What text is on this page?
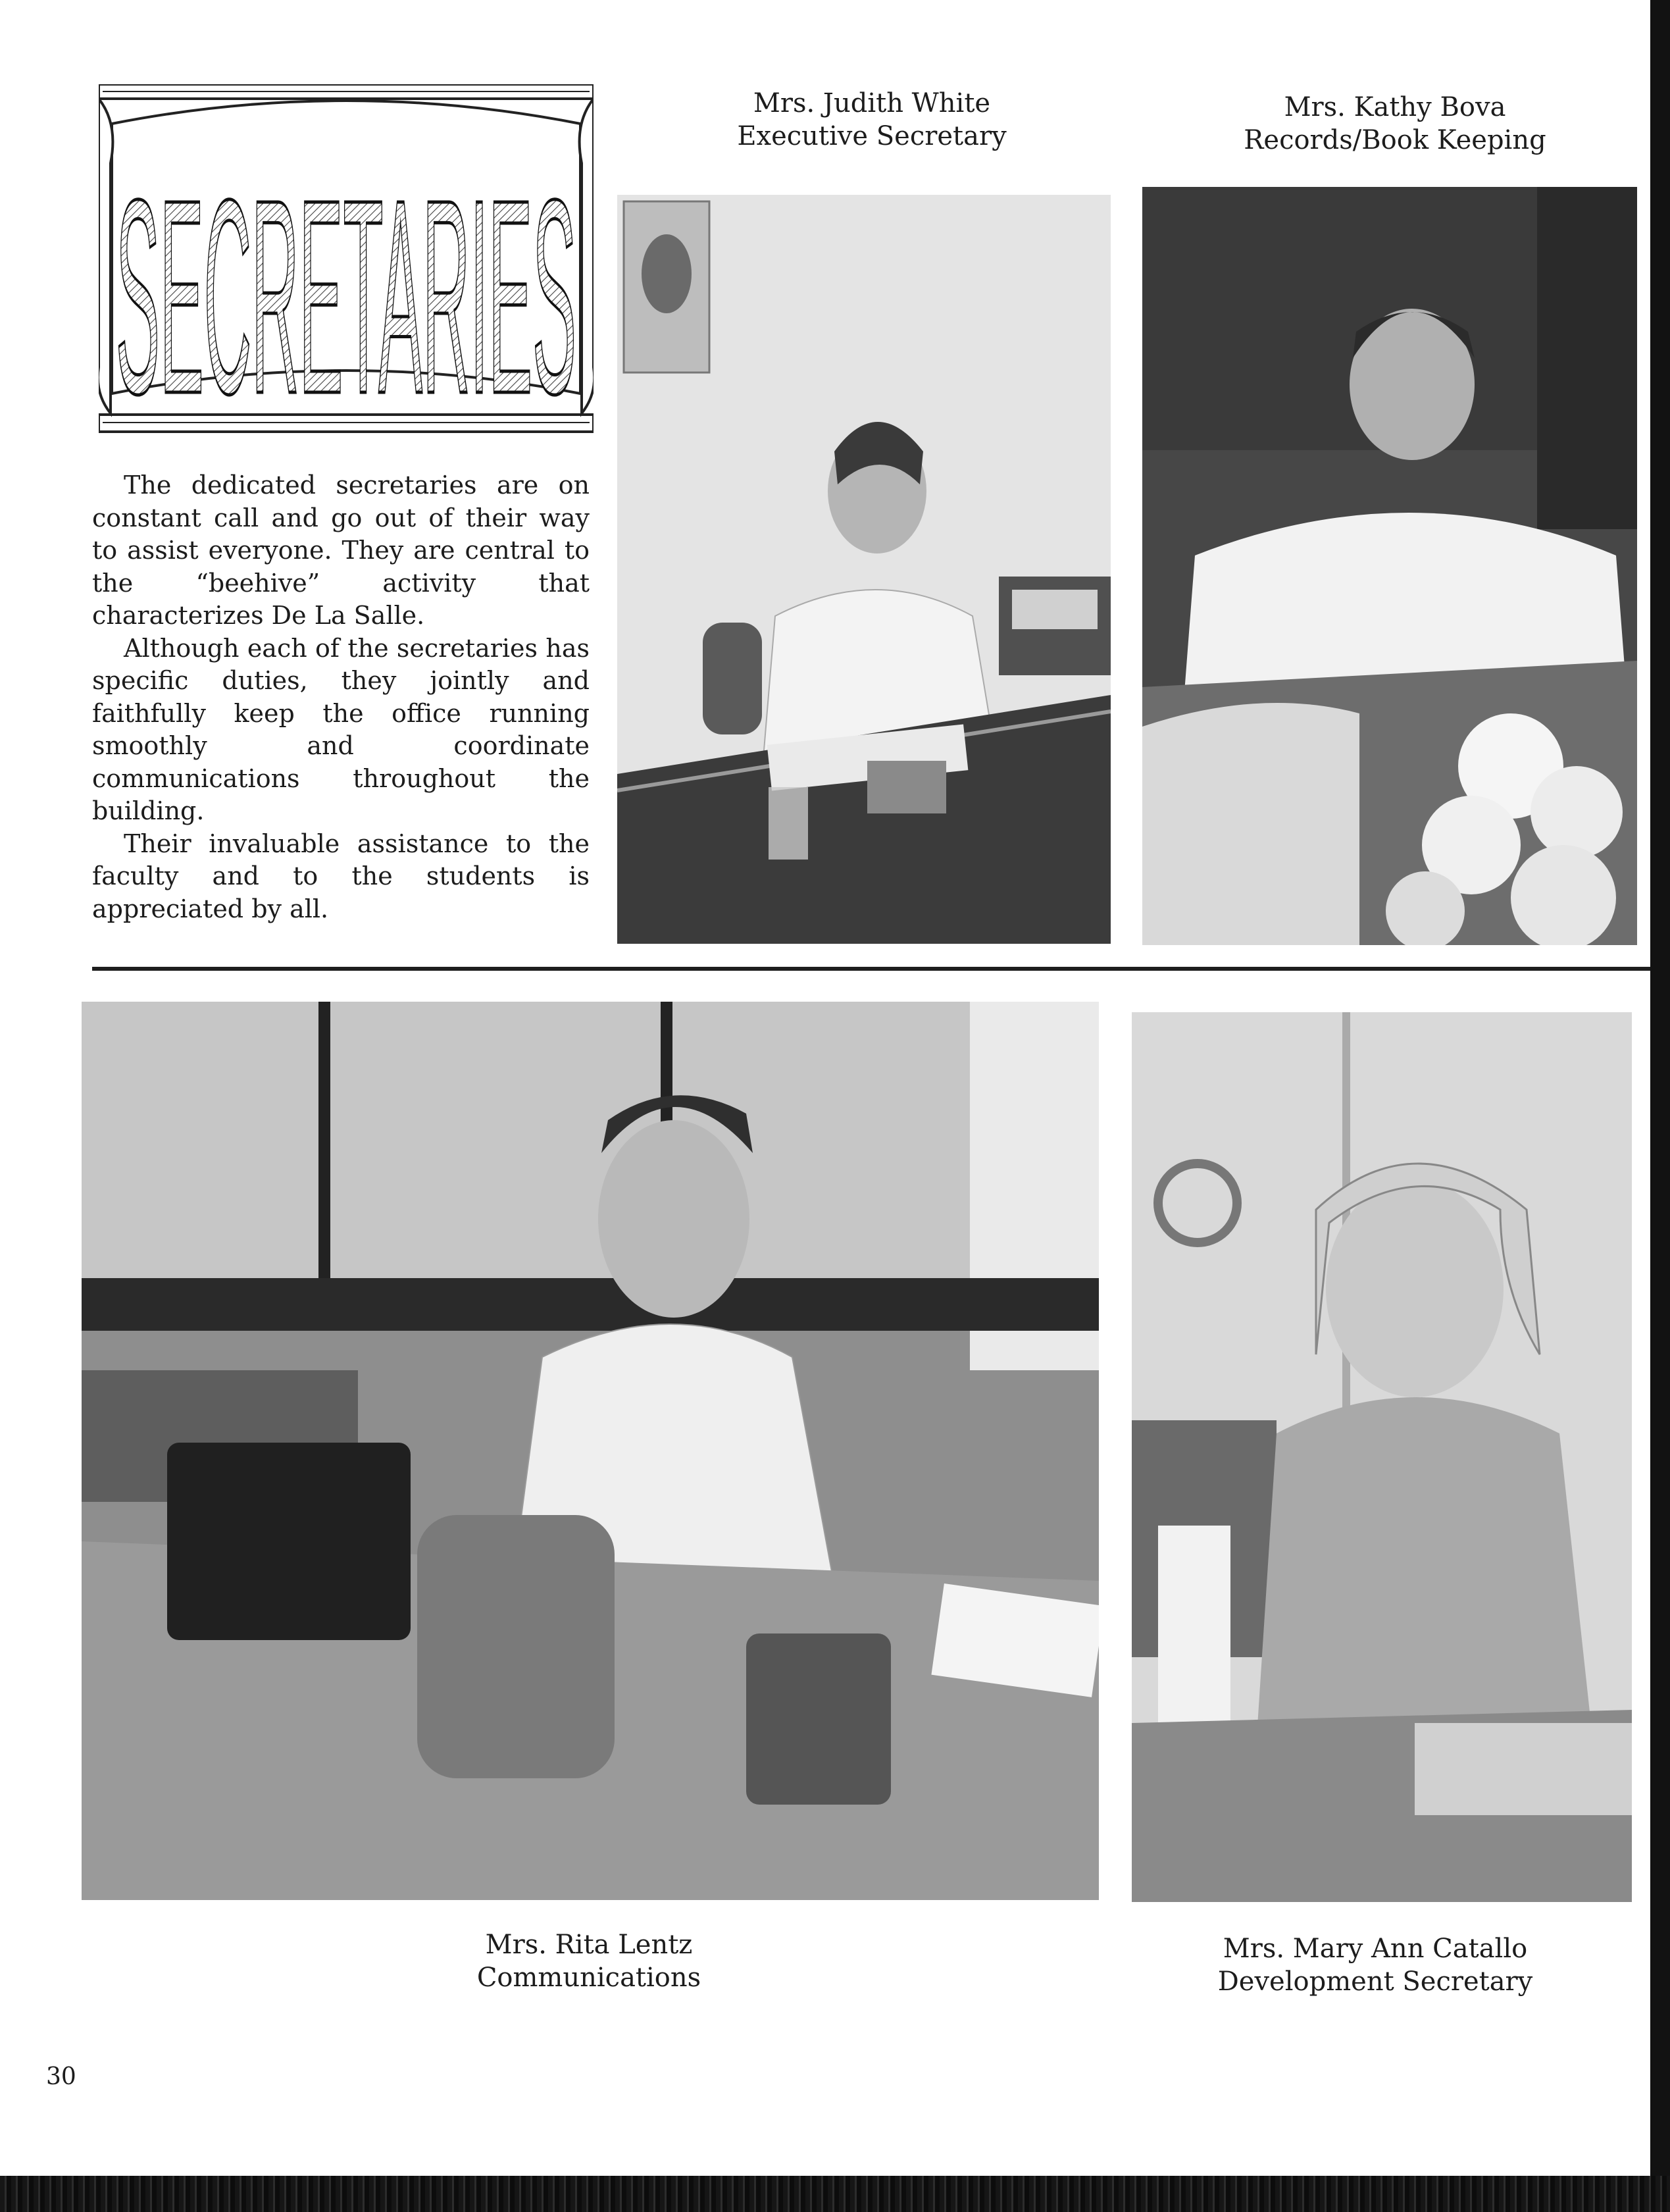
SECRETARIES

The dedicated secretaries are on constant call and go out of their way to assist everyone. They are central to the “beehive” activity that characterizes De La Salle.

Although each of the secretaries has specific duties, they jointly and faithfully keep the office running smoothly and coordinate communications throughout the building.

Their invaluable assistance to the faculty and to the students is appreciated by all.

Mrs. Judith White
Executive Secretary
Mrs. Kathy Bova
Records/Book Keeping
Mrs. Rita Lentz
Communications
Mrs. Mary Ann Catallo
Development Secretary
30
